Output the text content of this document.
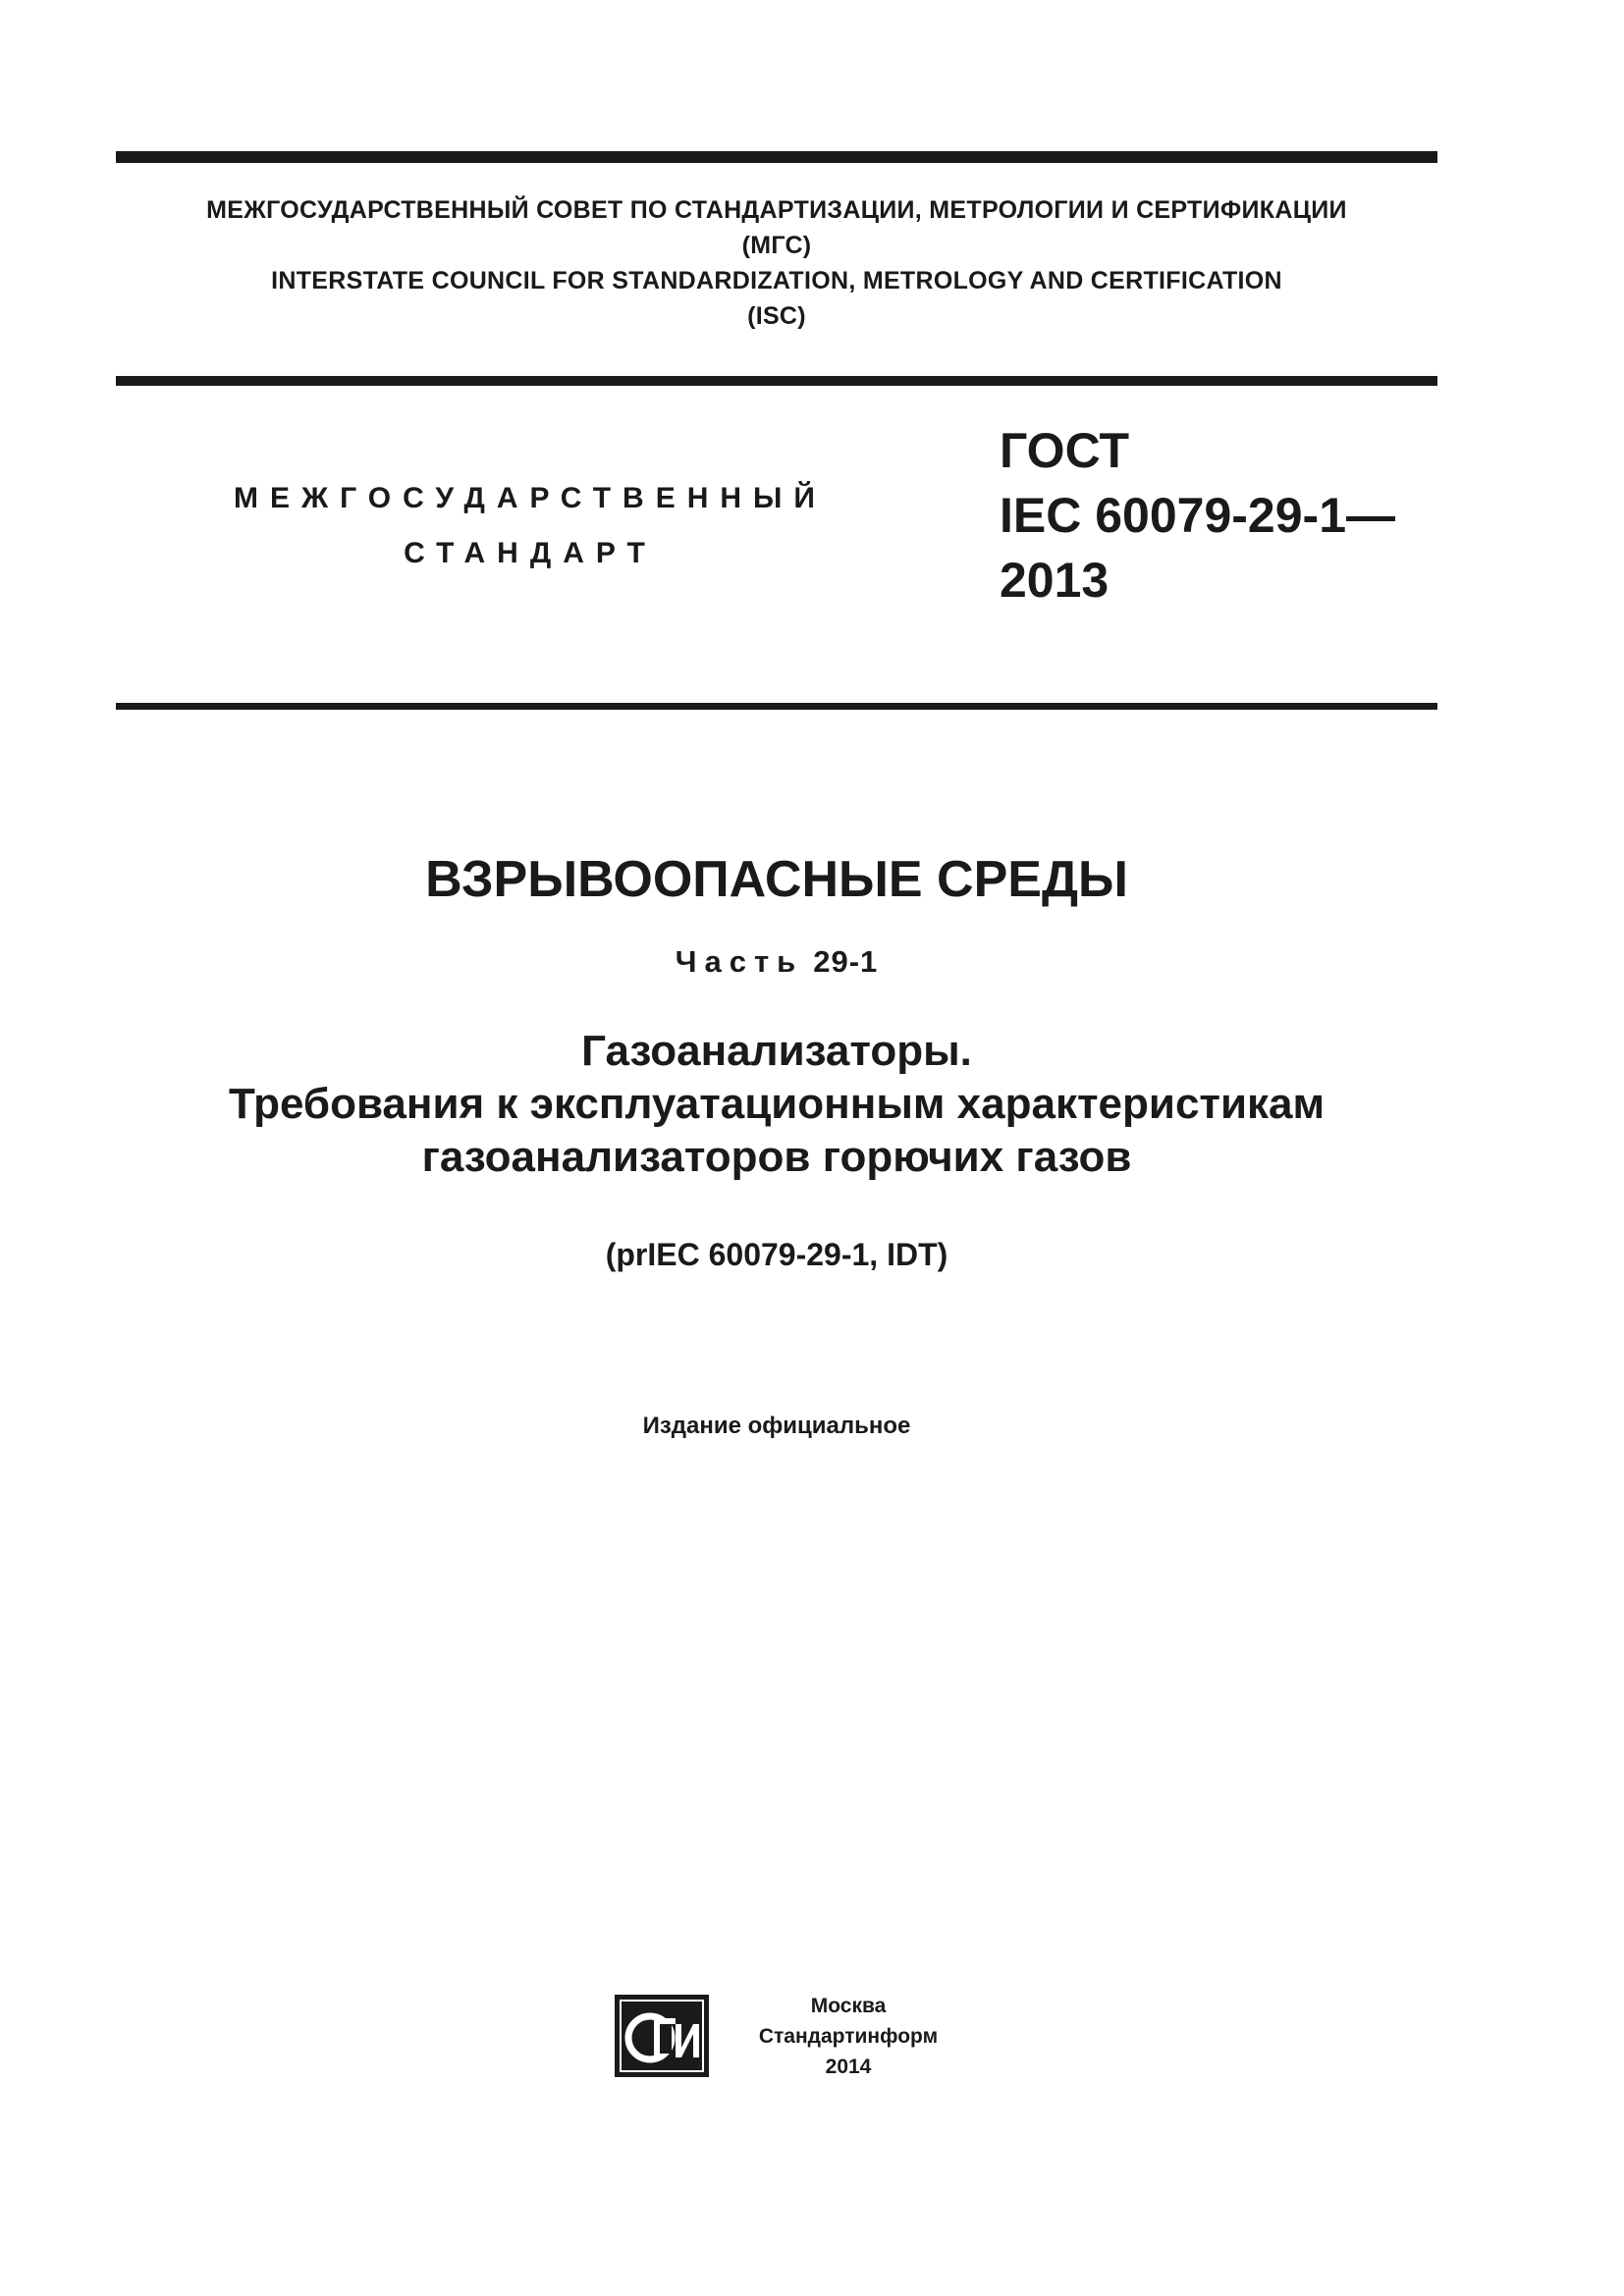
МЕЖГОСУДАРСТВЕННЫЙ СОВЕТ ПО СТАНДАРТИЗАЦИИ, МЕТРОЛОГИИ И СЕРТИФИКАЦИИ
(МГС)
INTERSTATE COUNCIL FOR STANDARDIZATION, METROLOGY AND CERTIFICATION
(ISC)
МЕЖГОСУДАРСТВЕННЫЙ
СТАНДАРТ
ГОСТ
IEC 60079-29-1—
2013
ВЗРЫВООПАСНЫЕ СРЕДЫ
Часть 29-1
Газоанализаторы.
Требования к эксплуатационным характеристикам
газоанализаторов горючих газов
(prIEC 60079-29-1, IDT)
Издание официальное
Москва
Стандартинформ
2014
